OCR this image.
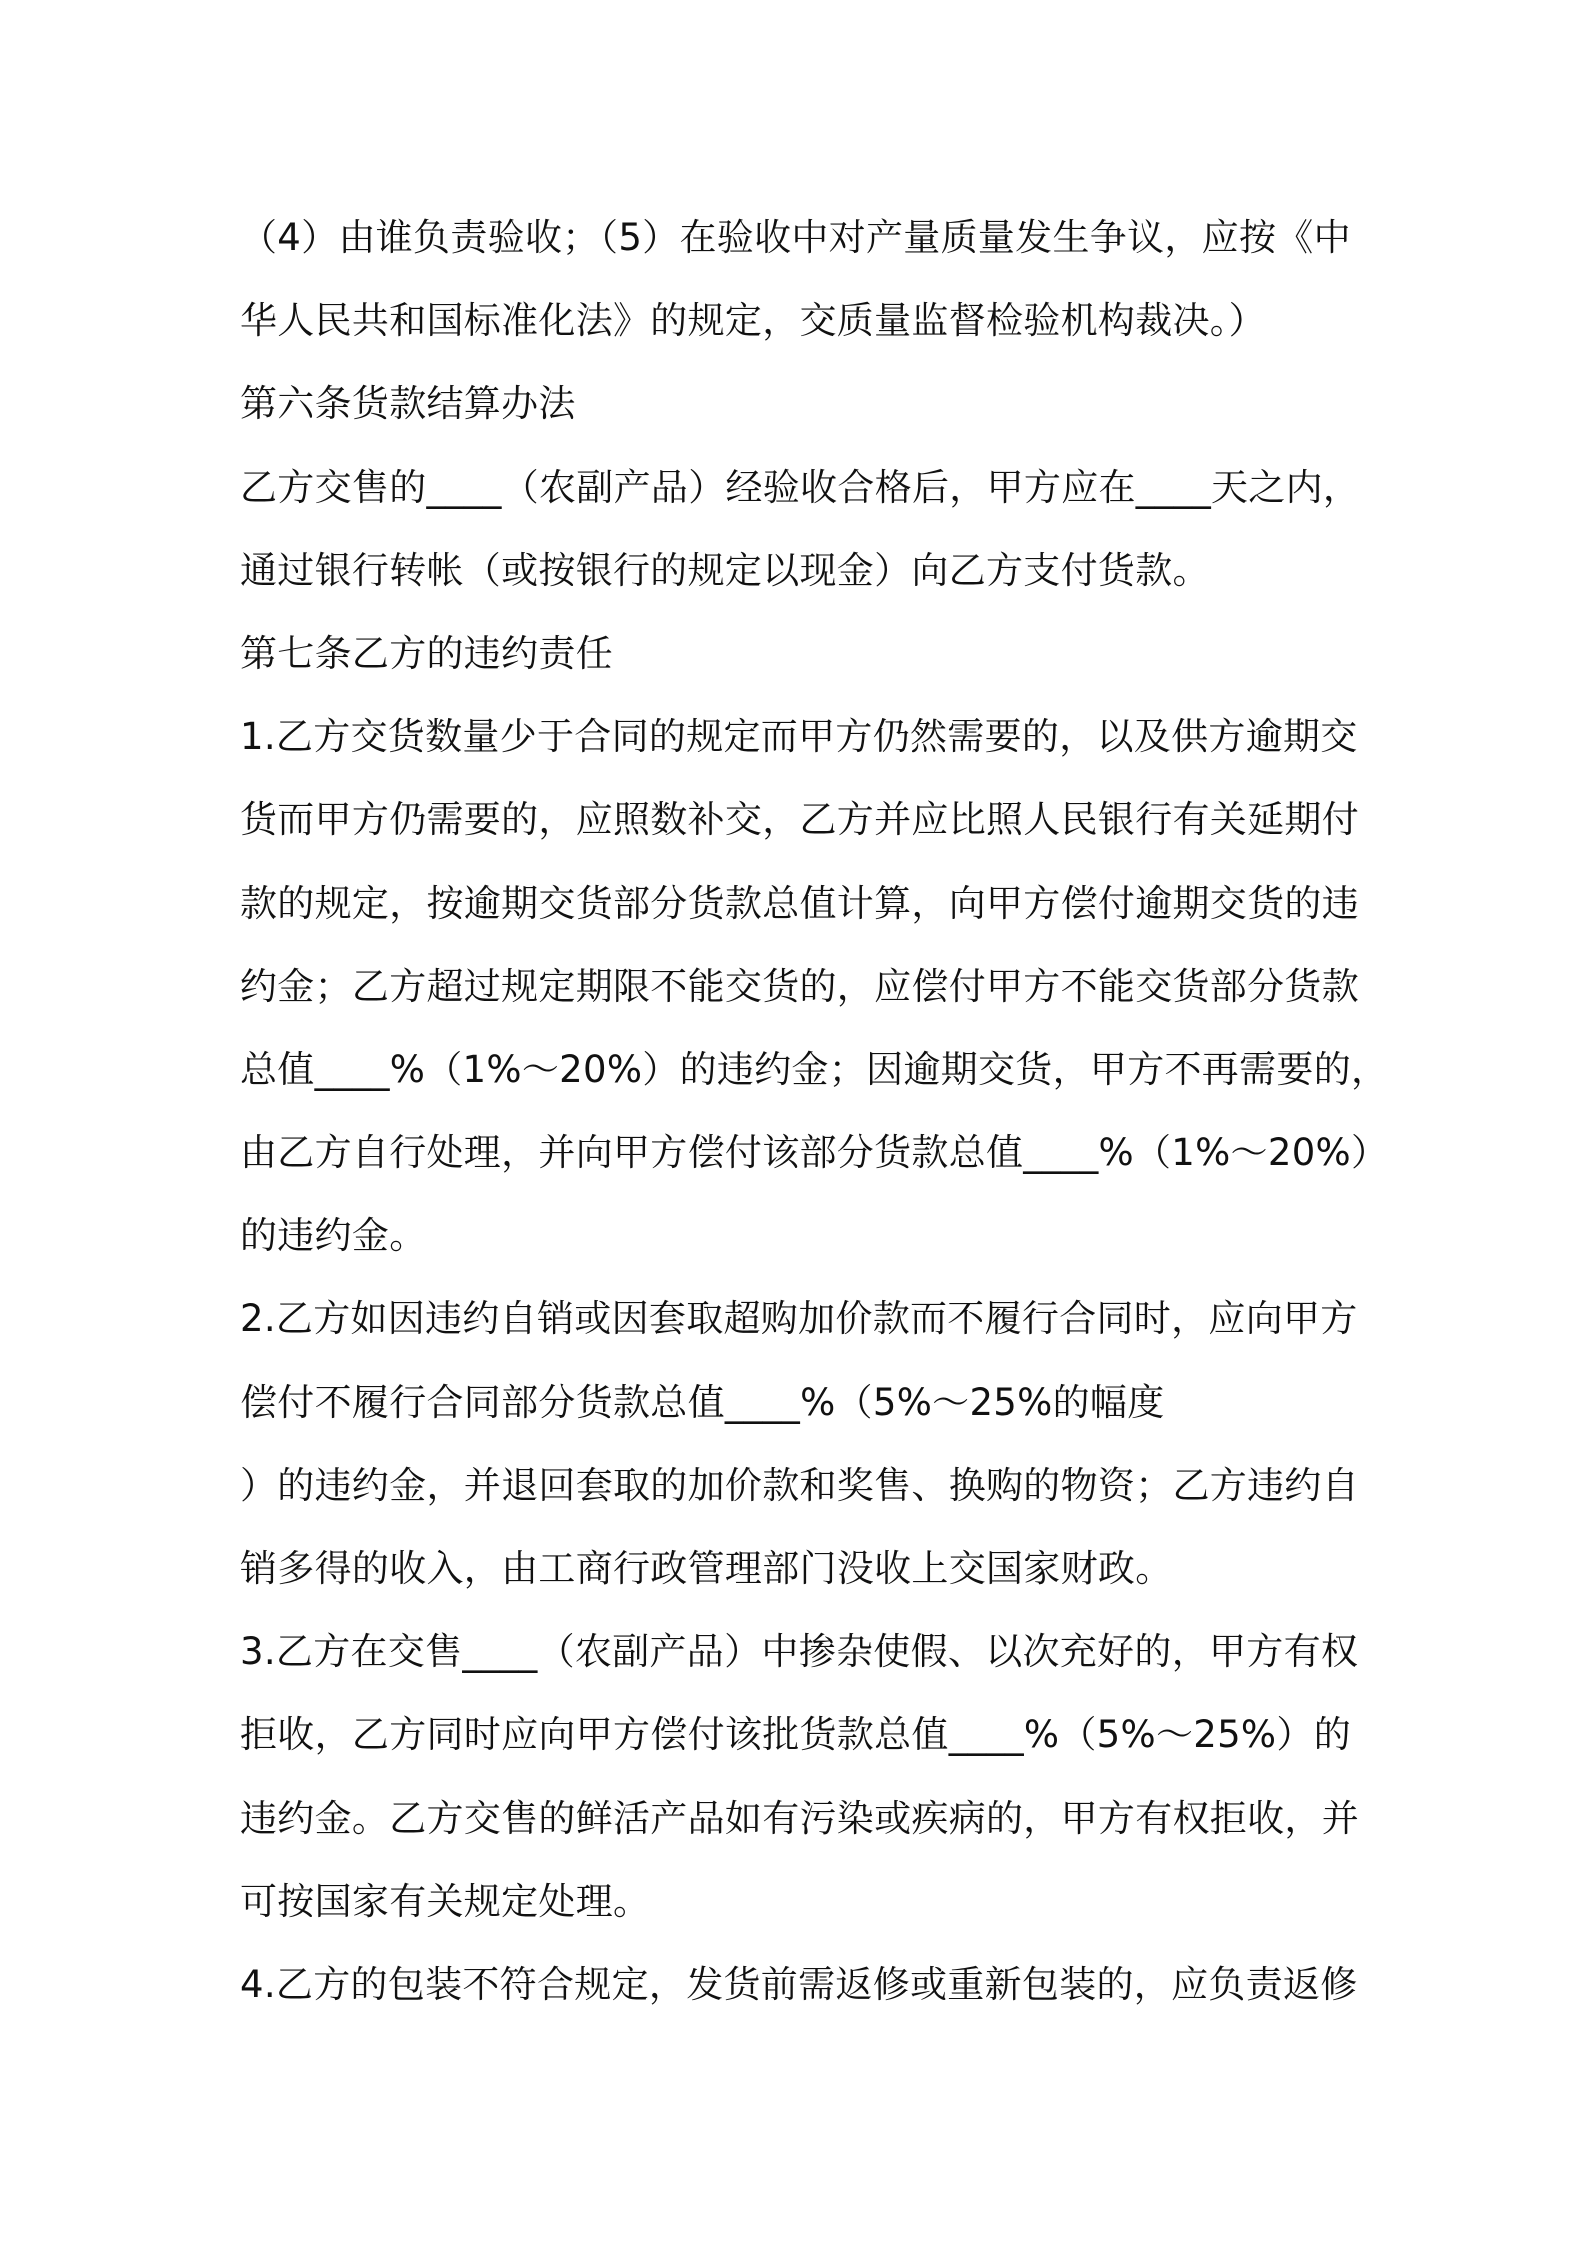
（4）由谁负责验收；（5）在验收中对产量质量发生争议，应按《中
华人民共和国标准化法》的规定，交质量监督检验机构裁决。）
第六条货款结算办法
乙方交售的____（农副产品）经验收合格后，甲方应在____天之内，
通过银行转帐（或按银行的规定以现金）向乙方支付货款。
第七条乙方的违约责任
1.乙方交货数量少于合同的规定而甲方仍然需要的，以及供方逾期交
货而甲方仍需要的，应照数补交，乙方并应比照人民银行有关延期付
款的规定，按逾期交货部分货款总值计算，向甲方偿付逾期交货的违
约金；乙方超过规定期限不能交货的，应偿付甲方不能交货部分货款
总值____%（1%～20%）的违约金；因逾期交货，甲方不再需要的，
由乙方自行处理，并向甲方偿付该部分货款总值____%（1%～20%）
的违约金。
2.乙方如因违约自销或因套取超购加价款而不履行合同时，应向甲方
偿付不履行合同部分货款总值____%（5%～25%的幅度
）的违约金，并退回套取的加价款和奖售、换购的物资；乙方违约自
销多得的收入，由工商行政管理部门没收上交国家财政。
3.乙方在交售____（农副产品）中掺杂使假、以次充好的，甲方有权
拒收，乙方同时应向甲方偿付该批货款总值____%（5%～25%）的
违约金。乙方交售的鲜活产品如有污染或疾病的，甲方有权拒收，并
可按国家有关规定处理。
4.乙方的包装不符合规定，发货前需返修或重新包装的，应负责返修
